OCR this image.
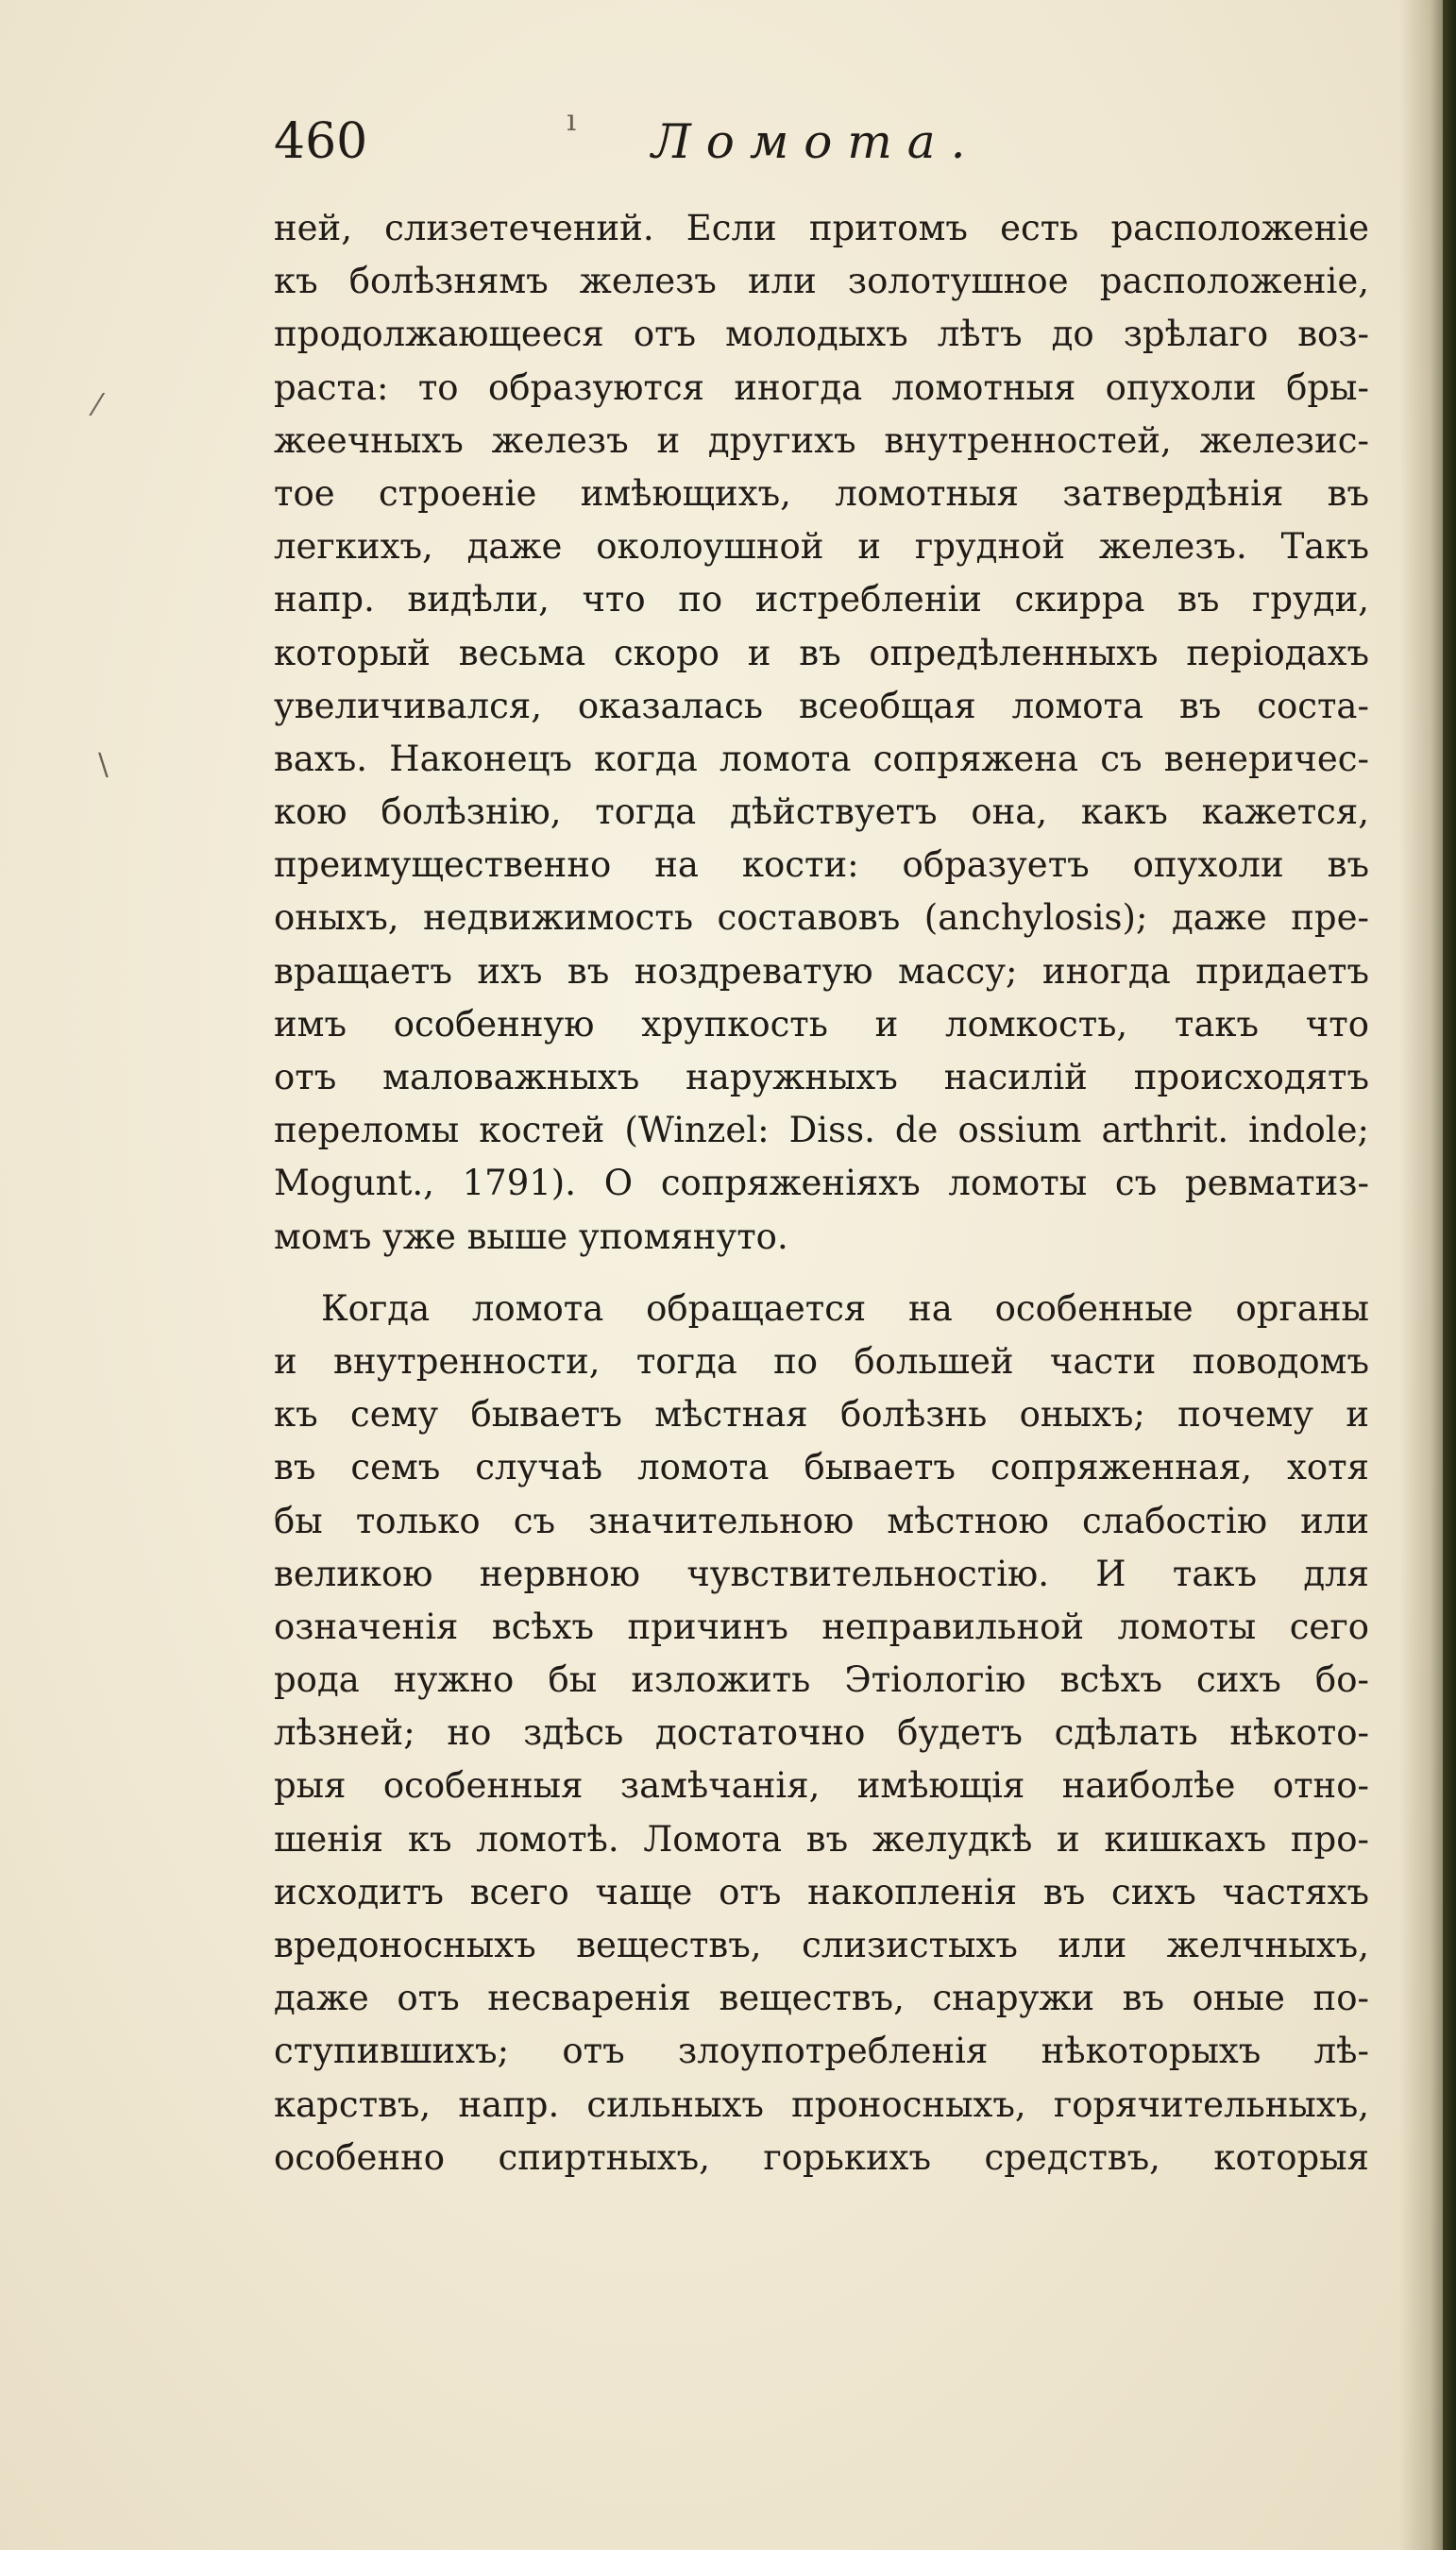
ı
⁄
\
460	Ломота.
ней, слизетечений. Если притомъ есть расположеніе
къ болѣзнямъ железъ или золотушное расположеніе,
продолжающееся отъ молодыхъ лѣтъ до зрѣлаго воз-
раста: то образуются иногда ломотныя опухоли бры-
жеечныхъ железъ и другихъ внутренностей, железис-
тое строеніе имѣющихъ, ломотныя затвердѣнія въ
легкихъ, даже околоушной и грудной железъ. Такъ
напр. видѣли, что по истребленіи скирра въ груди,
который весьма скоро и въ опредѣленныхъ періодахъ
увеличивался, оказалась всеобщая ломота въ соста-
вахъ. Наконецъ когда ломота сопряжена съ венеричес-
кою болѣзнію, тогда дѣйствуетъ она, какъ кажется,
преимущественно на кости: образуетъ опухоли въ
оныхъ, недвижимость составовъ (anchylosis); даже пре-
вращаетъ ихъ въ ноздреватую массу; иногда придаетъ
имъ особенную хрупкость и ломкость, такъ что
отъ маловажныхъ наружныхъ насилій происходятъ
переломы костей (Winzel: Diss. de ossium arthrit. indole;
Mogunt., 1791). О сопряженіяхъ ломоты съ ревматиз-
момъ уже выше упомянуто.
Когда ломота обращается на особенные органы
и внутренности, тогда по большей части поводомъ
къ сему бываетъ мѣстная болѣзнь оныхъ; почему и
въ семъ случаѣ ломота бываетъ сопряженная, хотя
бы только съ значительною мѣстною слабостію или
великою нервною чувствительностію. И такъ для
означенія всѣхъ причинъ неправильной ломоты сего
рода нужно бы изложить Этіологію всѣхъ сихъ бо-
лѣзней; но здѣсь достаточно будетъ сдѣлать нѣкото-
рыя особенныя замѣчанія, имѣющія наиболѣе отно-
шенія къ ломотѣ. Ломота въ желудкѣ и кишкахъ про-
исходитъ всего чаще отъ накопленія въ сихъ частяхъ
вредоносныхъ веществъ, слизистыхъ или желчныхъ,
даже отъ несваренія веществъ, снаружи въ оные по-
ступившихъ; отъ злоупотребленія нѣкоторыхъ лѣ-
карствъ, напр. сильныхъ проносныхъ, горячительныхъ,
особенно спиртныхъ, горькихъ средствъ, которыя
